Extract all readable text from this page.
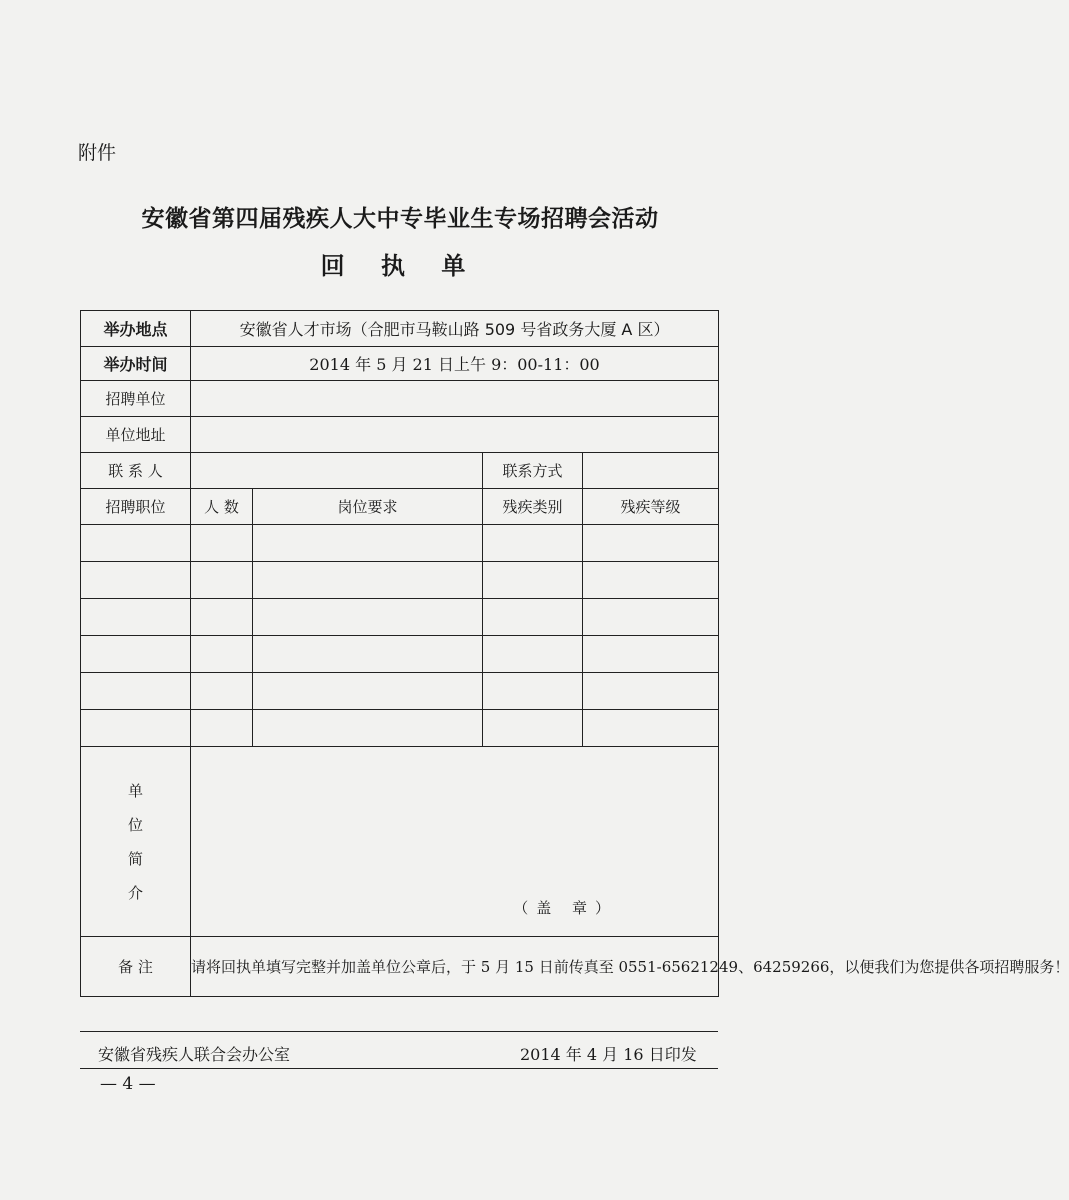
附件
安徽省第四届残疾人大中专毕业生专场招聘会活动
回 执 单
举办地点	安徽省人才市场（合肥市马鞍山路 509 号省政务大厦 A 区）			
举办时间	2014 年 5 月 21 日上午 9：00-11：00			
招聘单位				
单位地址				
联 系 人			联系方式	
招聘职位	人 数	岗位要求	残疾类别	残疾等级

单
位
简
介	（盖 章）			

备 注	请将回执单填写完整并加盖单位公章后，于 5 月 15 日前传真至 0551-65621249、64259266，以便我们为您提供各项招聘服务！			
安徽省残疾人联合会办公室	2014 年 4 月 16 日印发
— 4 —
